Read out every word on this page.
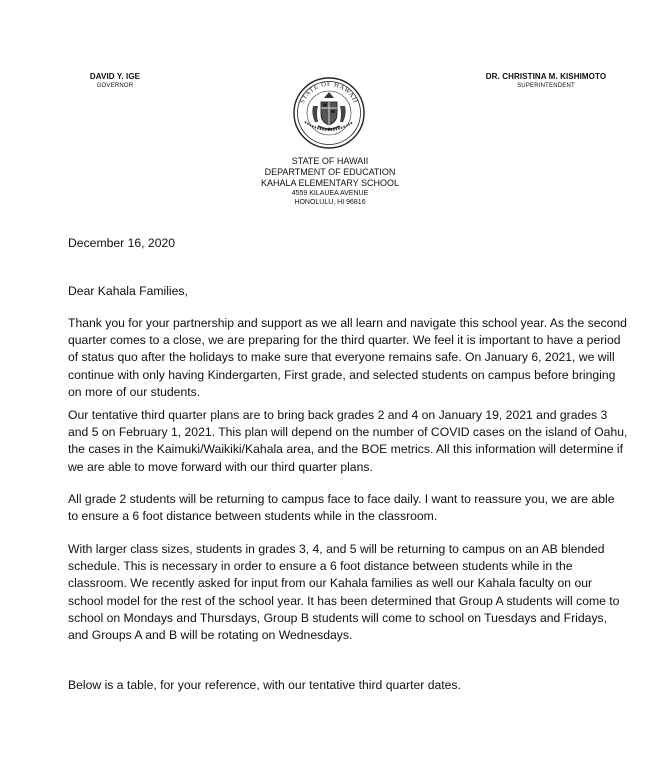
DAVID Y. IGE
GOVERNOR
DR. CHRISTINA M. KISHIMOTO
SUPERINTENDENT
STATE OF HAWAII
STATE OF HAWAII
DEPARTMENT OF EDUCATION
KAHALA ELEMENTARY SCHOOL
4559 KILAUEA AVENUE
HONOLULU, HI 96816

December 16, 2020

Dear Kahala Families,

Thank you for your partnership and support as we all learn and navigate this school year. As the second quarter comes to a close, we are preparing for the third quarter. We feel it is important to have a period of status quo after the holidays to make sure that everyone remains safe. On January 6, 2021, we will continue with only having Kindergarten, First grade, and selected students on campus before bringing on more of our students.

Our tentative third quarter plans are to bring back grades 2 and 4 on January 19, 2021 and grades 3 and 5 on February 1, 2021. This plan will depend on the number of COVID cases on the island of Oahu, the cases in the Kaimuki/Waikiki/Kahala area, and the BOE metrics. All this information will determine if we are able to move forward with our third quarter plans.

All grade 2 students will be returning to campus face to face daily. I want to reassure you, we are able to ensure a 6 foot distance between students while in the classroom.

With larger class sizes, students in grades 3, 4, and 5 will be returning to campus on an AB blended schedule. This is necessary in order to ensure a 6 foot distance between students while in the classroom. We recently asked for input from our Kahala families as well our Kahala faculty on our school model for the rest of the school year. It has been determined that Group A students will come to school on Mondays and Thursdays, Group B students will come to school on Tuesdays and Fridays, and Groups A and B will be rotating on Wednesdays.

Below is a table, for your reference, with our tentative third quarter dates.
